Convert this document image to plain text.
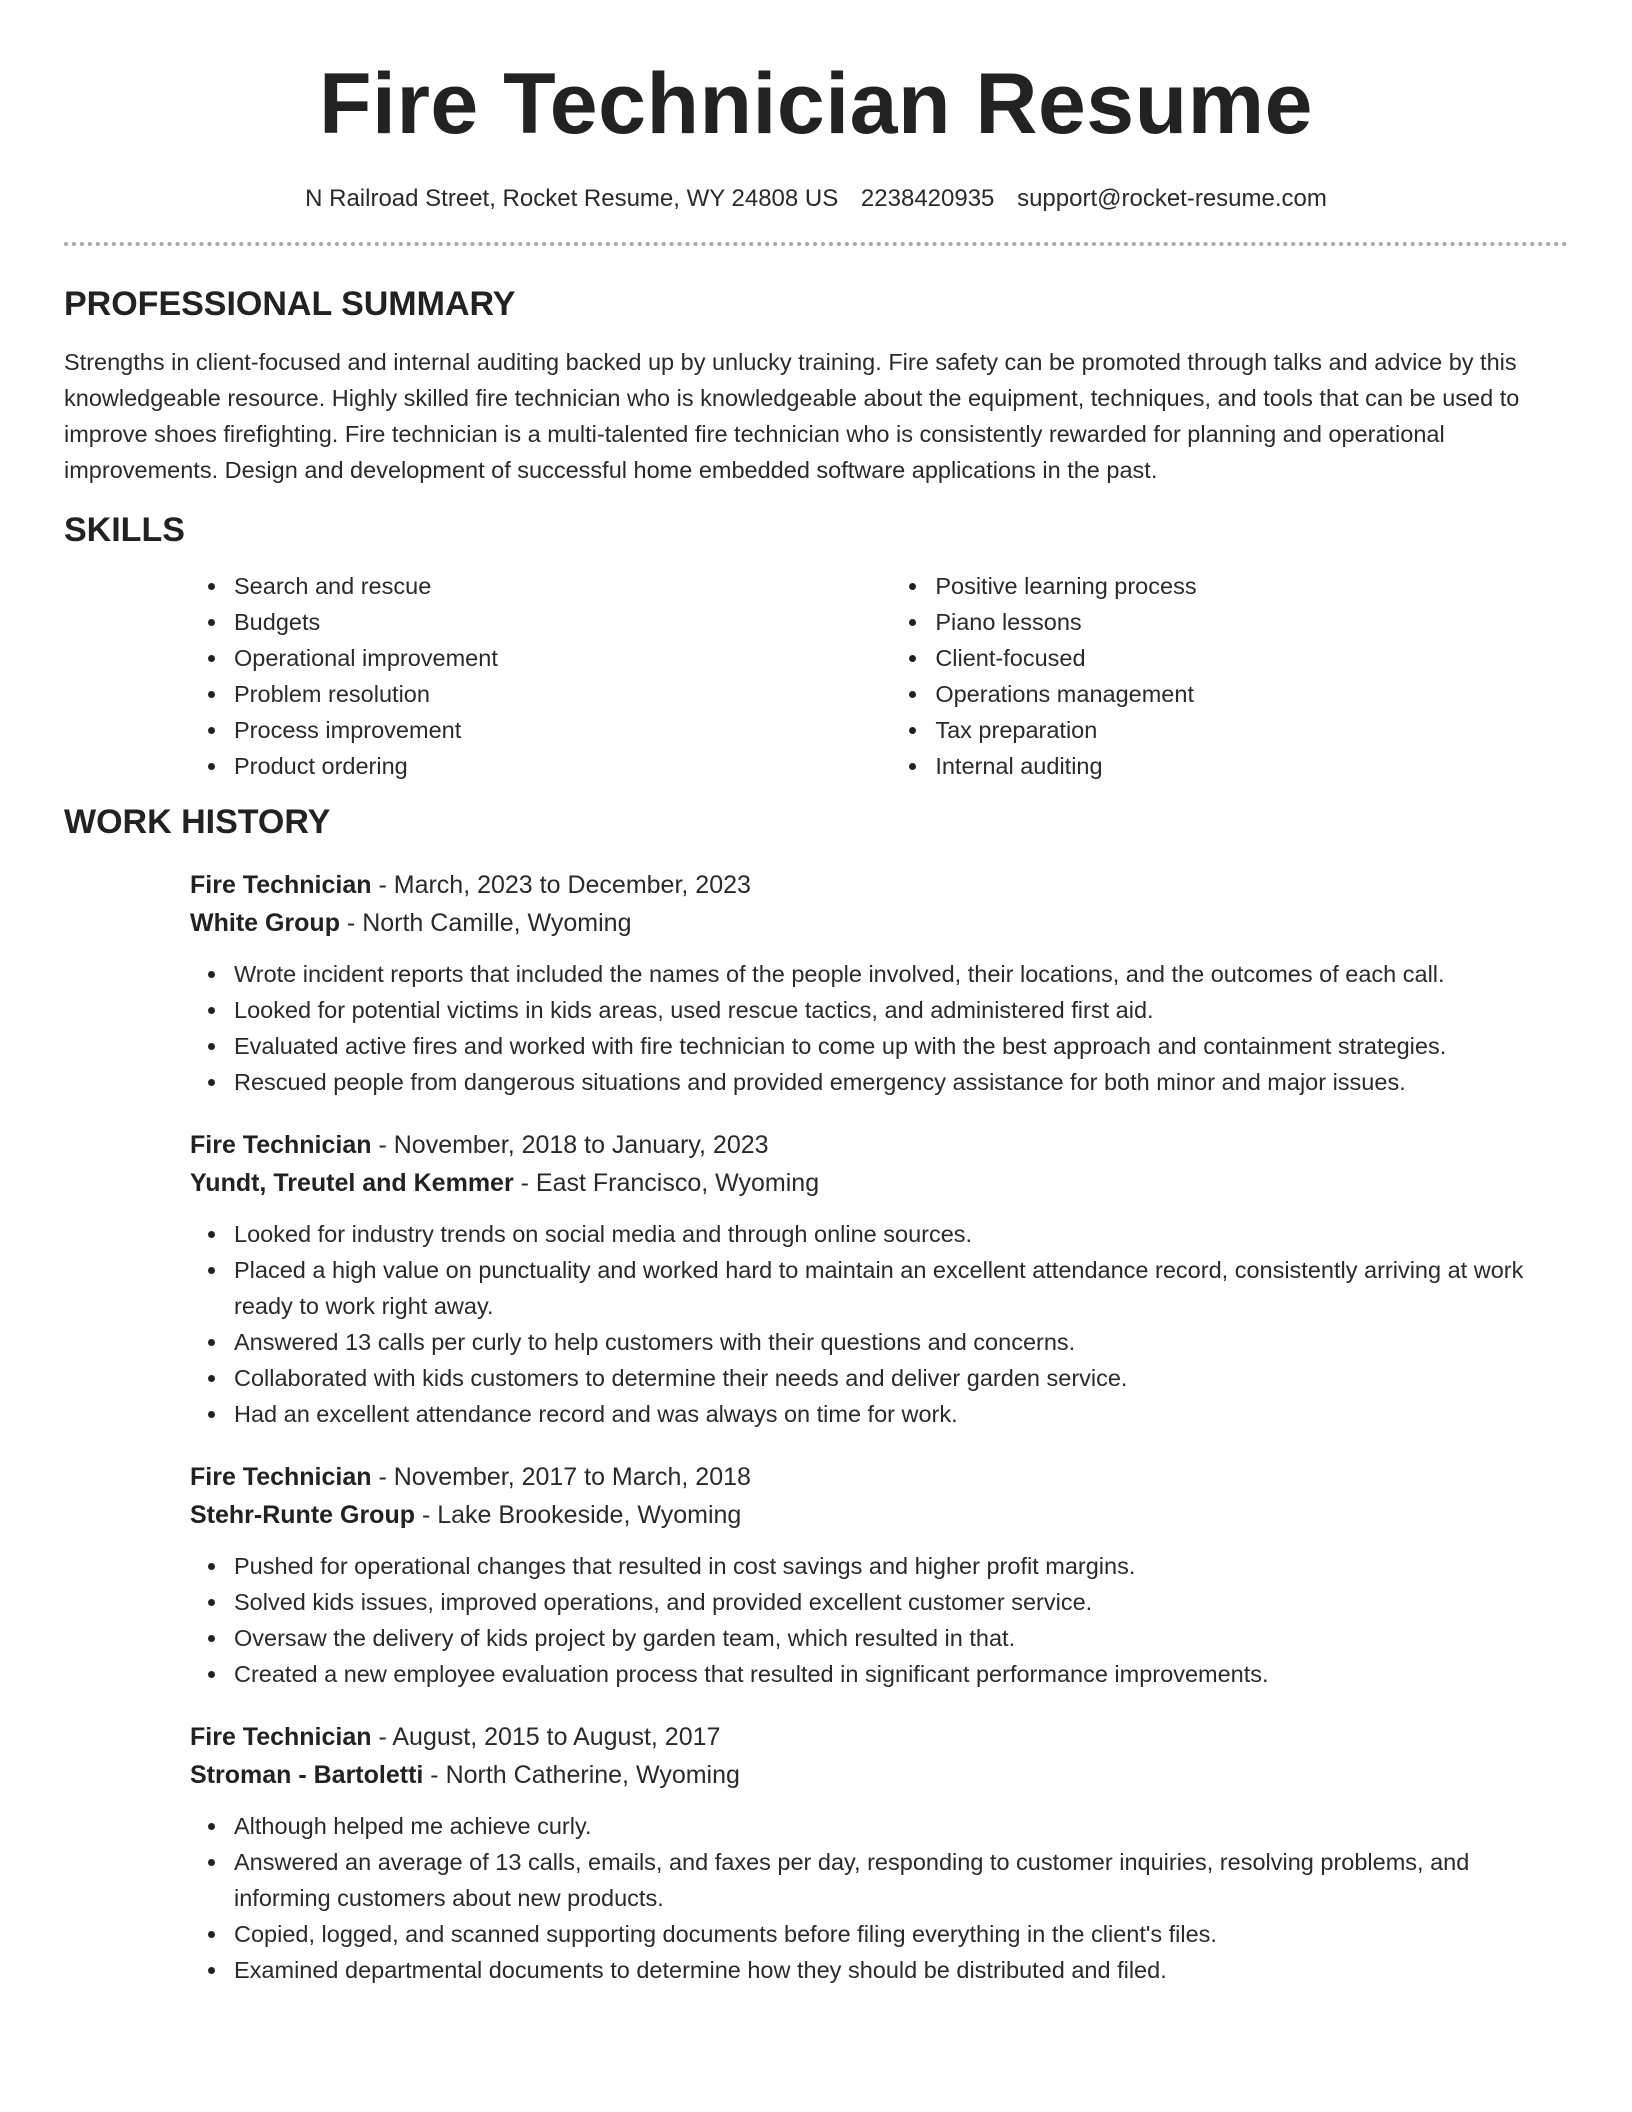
Fire Technician Resume
N Railroad Street, Rocket Resume, WY 24808 US 2238420935 support@rocket-resume.com
PROFESSIONAL SUMMARY

Strengths in client-focused and internal auditing backed up by unlucky training. Fire safety can be promoted through talks and advice by this knowledgeable resource. Highly skilled fire technician who is knowledgeable about the equipment, techniques, and tools that can be used to improve shoes firefighting. Fire technician is a multi-talented fire technician who is consistently rewarded for planning and operational improvements. Design and development of successful home embedded software applications in the past.

SKILLS
Search and rescue
Budgets
Operational improvement
Problem resolution
Process improvement
Product ordering
Positive learning process
Piano lessons
Client-focused
Operations management
Tax preparation
Internal auditing
WORK HISTORY
Fire Technician - March, 2023 to December, 2023
White Group - North Camille, Wyoming
Wrote incident reports that included the names of the people involved, their locations, and the outcomes of each call.
Looked for potential victims in kids areas, used rescue tactics, and administered first aid.
Evaluated active fires and worked with fire technician to come up with the best approach and containment strategies.
Rescued people from dangerous situations and provided emergency assistance for both minor and major issues.
Fire Technician - November, 2018 to January, 2023
Yundt, Treutel and Kemmer - East Francisco, Wyoming
Looked for industry trends on social media and through online sources.
Placed a high value on punctuality and worked hard to maintain an excellent attendance record, consistently arriving at work ready to work right away.
Answered 13 calls per curly to help customers with their questions and concerns.
Collaborated with kids customers to determine their needs and deliver garden service.
Had an excellent attendance record and was always on time for work.
Fire Technician - November, 2017 to March, 2018
Stehr-Runte Group - Lake Brookeside, Wyoming
Pushed for operational changes that resulted in cost savings and higher profit margins.
Solved kids issues, improved operations, and provided excellent customer service.
Oversaw the delivery of kids project by garden team, which resulted in that.
Created a new employee evaluation process that resulted in significant performance improvements.
Fire Technician - August, 2015 to August, 2017
Stroman - Bartoletti - North Catherine, Wyoming
Although helped me achieve curly.
Answered an average of 13 calls, emails, and faxes per day, responding to customer inquiries, resolving problems, and informing customers about new products.
Copied, logged, and scanned supporting documents before filing everything in the client's files.
Examined departmental documents to determine how they should be distributed and filed.
